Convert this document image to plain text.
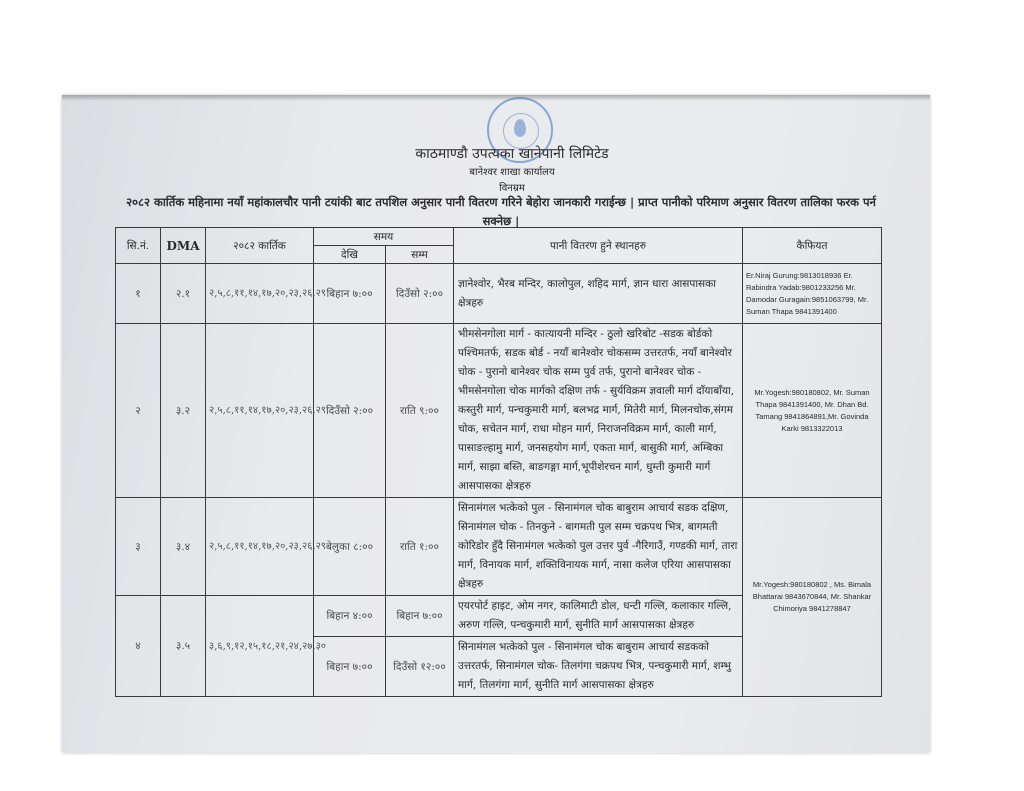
काठमाण्डौ उपत्यका खानेपानी लिमिटेड
बानेश्वर शाखा कार्यालय
विनम्रम
२०८२ कार्तिक महिनामा नयाँ महांकालचौर पानी टयांकी बाट तपशिल अनुसार पानी वितरण गरिने बेहोरा जानकारी गराईन्छ | प्राप्त पानीको परिमाण अनुसार वितरण तालिका फरक पर्न सक्नेछ |
सि.नं.	DMA	२०८२ कार्तिक	समय		पानी वितरण हुने स्थानहरु	कैफियत
			देखि	सम्म		
१	२.१	२,५,८,११,१४,१७,२०,२३,२६,२९	बिहान ७:००	दिउँसो २:००	ज्ञानेश्वोर, भैरब मन्दिर, कालोपुल, शहिद मार्ग, ज्ञान धारा आसपासका क्षेत्रहरु	Er.Niraj Gurung:9813018936 Er. Rabindra Yadab:9801233256 Mr. Damodar Guragain:9851063799, Mr. Suman Thapa 9841391400
२	३.२	२,५,८,११,१४,१७,२०,२३,२६,२९	दिउँसो २:००	राति ९:००	भीमसेनगोला मार्ग - कात्यायनी मन्दिर - ठुलो खरिबोट -सडक बोर्डको पश्चिमतर्फ, सडक बोर्ड - नयाँ बानेश्वोर चोकसम्म उत्तरतर्फ, नयाँ बानेश्वोर चोक - पुरानो बानेश्वर चोक सम्म पुर्व तर्फ, पुरानो बानेश्वर चोक - भीमसेनगोला चोक मार्गको दक्षिण तर्फ - सुर्यविक्रम ज्ञवाली मार्ग दाँयाबाँया, कस्तुरी मार्ग, पन्चकुमारी मार्ग, बलभद्र मार्ग, मितेरी मार्ग, मिलनचोक,संगम चोक, सचेतन मार्ग, राधा मोहन मार्ग, निराजनविक्रम मार्ग, काली मार्ग, पासाङल्हामु मार्ग, जनसहयोग मार्ग, एकता मार्ग, बासुकी मार्ग, अम्बिका मार्ग, साझा बस्ति, बाङगङ्गा मार्ग,भूपीशेरचन मार्ग, धुम्ती कुमारी मार्ग आसपासका क्षेत्रहरु	Mr.Yogesh:980180802, Mr. Suman Thapa 9841391400, Mr. Dhan Bd. Tamang 9841864891,Mr. Govinda Karki 9813322013
३	३.४	२,५,८,११,१४,१७,२०,२३,२६,२९	बेलुका ८:००	राति १:००	सिनामंगल भत्केको पुल - सिनामंगल चोक बाबुराम आचार्य सडक दक्षिण, सिनामंगल चोक - तिनकुने - बागमती पुल सम्म चक्रपथ भित्र, बागमती कोरिडोर हुँदै सिनामंगल भत्केको पुल उत्तर पुर्व -गैरिगाउँ, गण्डकी मार्ग, तारा मार्ग, विनायक मार्ग, शक्तिविनायक मार्ग, नासा कलेज एरिया आसपासका क्षेत्रहरु	Mr.Yogesh:980180802 , Ms. Bimala Bhattarai 9843670844, Mr. Shankar Chimoriya 9841278847
४	३.५	३,६,९,१२,१५,१८,२१,२४,२७,३०	बिहान ४:००	बिहान ७:००	एयरपोर्ट हाइट, ओम नगर, कालिमाटी डोल, धन्टी गल्लि, कलाकार गल्लि, अरुण गल्लि, पन्चकुमारी मार्ग, सुनीति मार्ग आसपासका क्षेत्रहरु	
			बिहान ७:००	दिउँसो १२:००	सिनामंगल भत्केको पुल - सिनामंगल चोक बाबुराम आचार्य सडकको उत्तरतर्फ, सिनामंगल चोक- तिलगंगा चक्रपथ भित्र, पन्चकुमारी मार्ग, शम्भु मार्ग, तिलगंगा मार्ग, सुनीति मार्ग आसपासका क्षेत्रहरु	
